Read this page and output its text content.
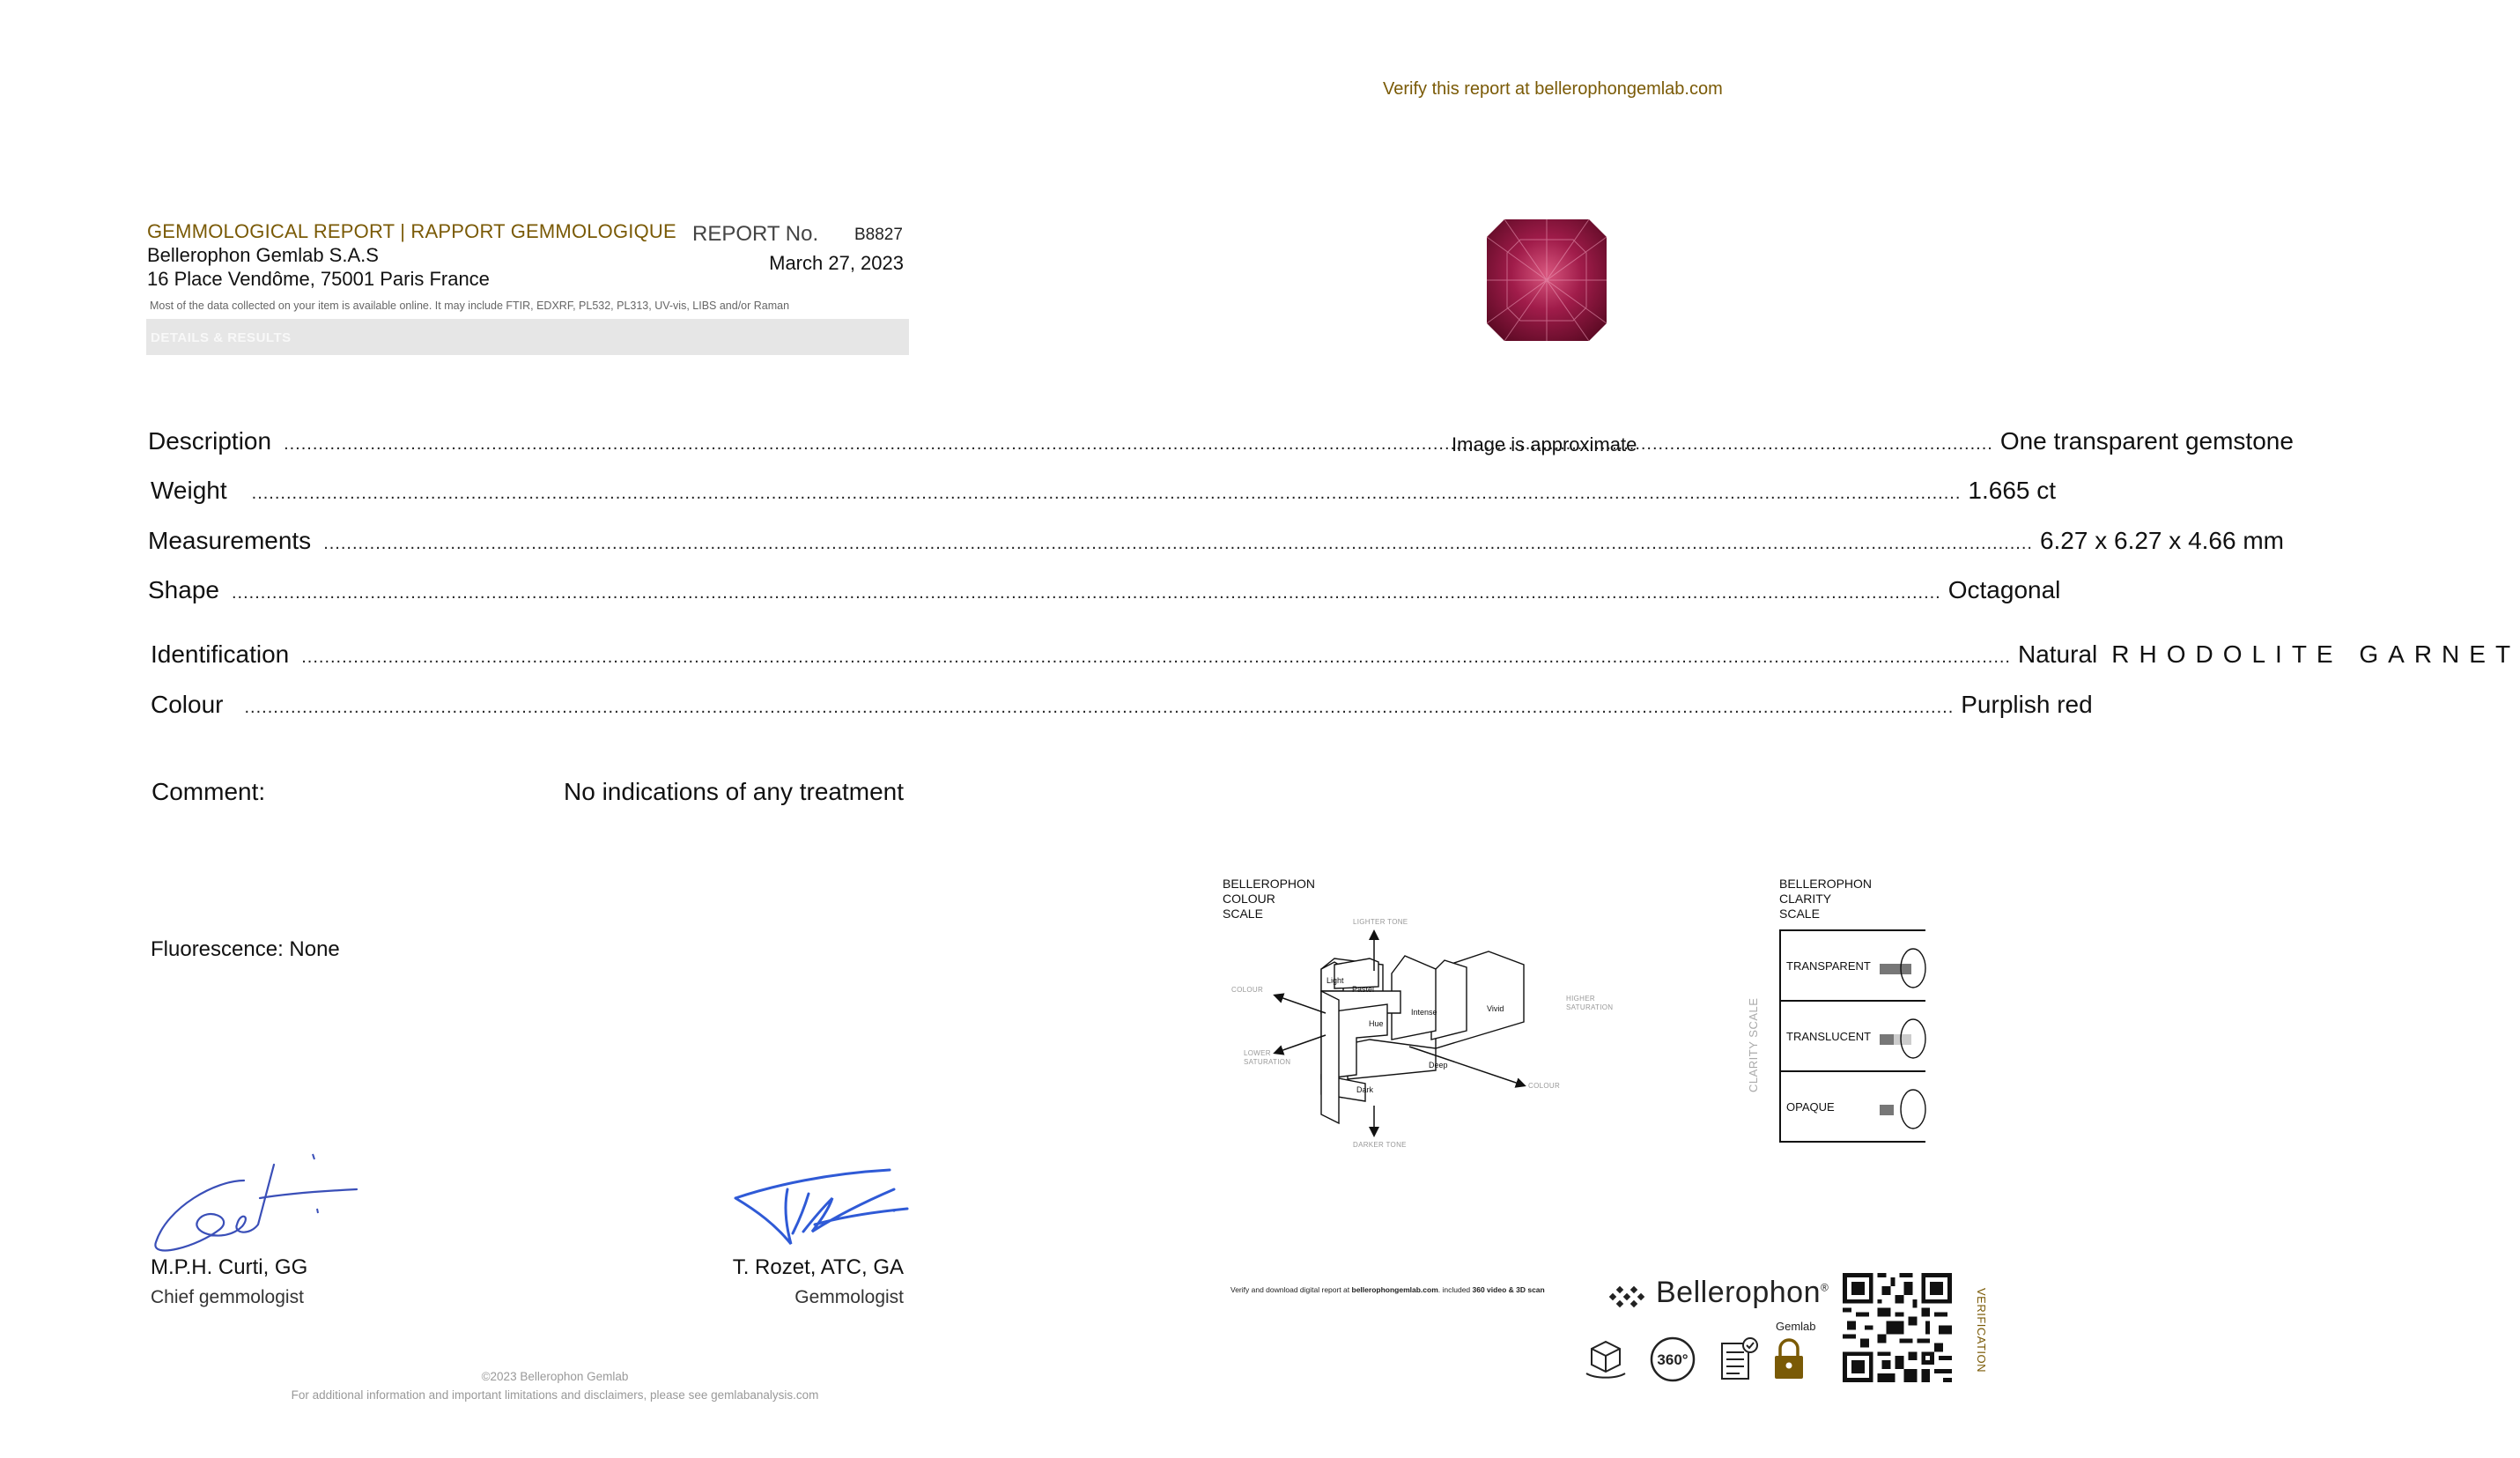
Verify this report at bellerophongemlab.com
GEMMOLOGICAL REPORT | RAPPORT GEMMOLOGIQUE
Bellerophon Gemlab S.A.S
16 Place Vendôme, 75001 Paris France
REPORT No. B8827
March 27, 2023
Most of the data collected on your item is available online. It may include FTIR, EDXRF, PL532, PL313, UV-vis, LIBS and/or Raman
DETAILS & RESULTS
Description .....	One transparent gemstone
Weight .....	1.665 ct
Measurements .....	6.27 x 6.27 x 4.66 mm
Shape .....	Octagonal
Identification .....	Natural RHODOLITE GARNET
Colour .....	Purplish red
Comment:	No indications of any treatment
Fluorescence: None
M.P.H. Curti, GG
Chief gemmologist
T. Rozet, ATC, GA
Gemmologist
©2023 Bellerophon Gemlab
For additional information and important limitations and disclaimers, please see gemlabanalysis.com
Image is approximate
BELLEROPHON
COLOUR
SCALE
Light
Pastel
Intense	Vivid
Hue
Deep
Dark
LIGHTER TONE
DARKER TONE
COLOUR
COLOUR
HIGHER
SATURATION
LOWER
SATURATION
BELLEROPHON
CLARITY
SCALE
CLARITY SCALE
TRANSPARENT
TRANSLUCENT
OPAQUE
Verify and download digital report at bellerophongemlab.com. included 360 video & 3D scan	Bellerophon®
Gemlab
360°	VERIFICATION
